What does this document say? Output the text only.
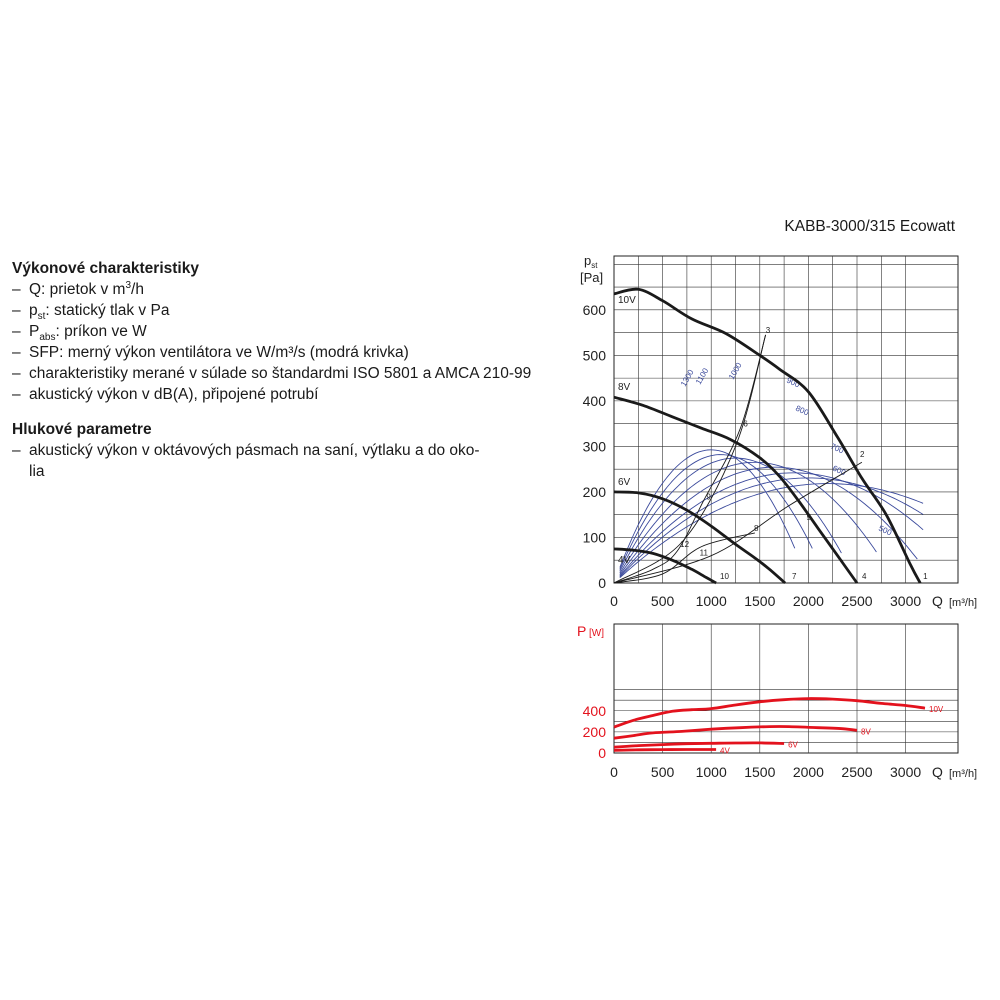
Výkonové charakteristiky
– Q: prietok v $m^3/h$
– $p_{st}$: statický tlak v Pa
– $P_{abs}$: príkon ve W
– SFP: merný výkon ventilátora ve W/m³/s (modrá krivka)
– charakteristiky merané v súlade so štandardmi ISO 5801 a AMCA 210-99
– akustický výkon v dB(A), připojené potrubí
Hlukové parametre
– akustický výkon v oktávových pásmach na saní, výtlaku a do oko-
lia
KABB-3000/315 Ecowatt
0 500 1000 1500 2000 2500 3000
0
100
200
300
400
500
600
$p_{st}$
[Pa]
Q [m³/h]
1300
1100 1000
900
800
700
600
500
1
2
3
4
5
6
7
8
9
10
11
12
10V
8V
6V
4V
0 500 1000 1500 2000 2500 3000
0
200
400
P [W]
Q [m³/h]
10V
8V
6V
4V
